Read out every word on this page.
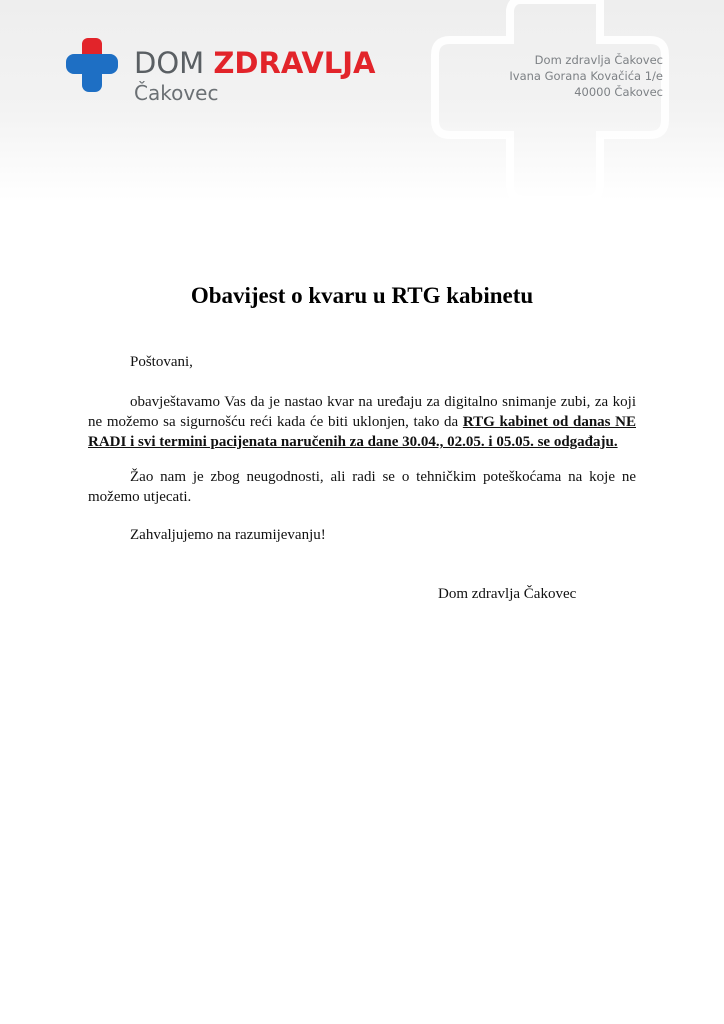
DOM ZDRAVLJA
Čakovec
Dom zdravlja Čakovec
Ivana Gorana Kovačića 1/e
40000 Čakovec
Obavijest o kvaru u RTG kabinetu
Poštovani,
obavještavamo Vas da je nastao kvar na uređaju za digitalno snimanje zubi, za koji ne možemo sa sigurnošću reći kada će biti uklonjen, tako da RTG kabinet od danas NE RADI i svi termini pacijenata naručenih za dane 30.04., 02.05. i 05.05. se odgađaju.
Žao nam je zbog neugodnosti, ali radi se o tehničkim poteškoćama na koje ne možemo utjecati.
Zahvaljujemo na razumijevanju!
Dom zdravlja Čakovec
